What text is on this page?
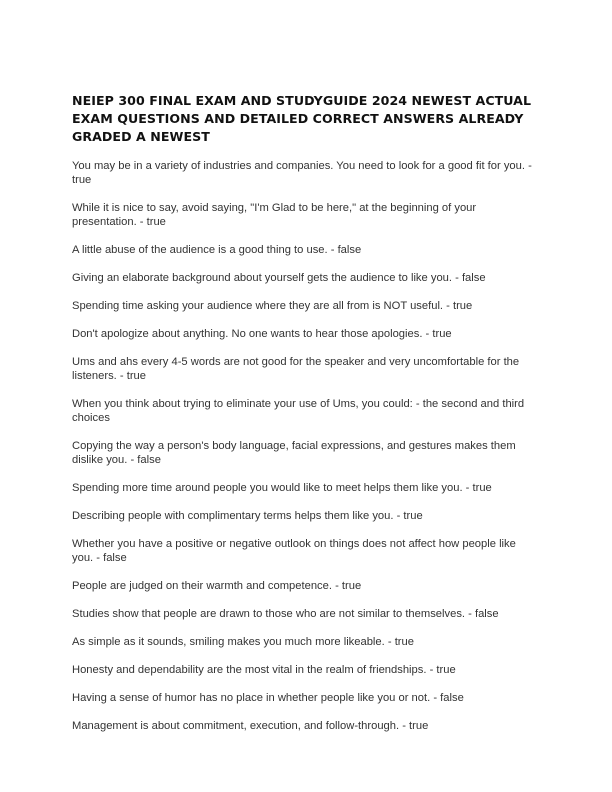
NEIEP 300 FINAL EXAM AND STUDYGUIDE 2024 NEWEST ACTUAL EXAM QUESTIONS AND DETAILED CORRECT ANSWERS ALREADY GRADED A NEWEST
You may be in a variety of industries and companies. You need to look for a good fit for you. - true
While it is nice to say, avoid saying, "I'm Glad to be here," at the beginning of your presentation. - true
A little abuse of the audience is a good thing to use. - false
Giving an elaborate background about yourself gets the audience to like you. - false
Spending time asking your audience where they are all from is NOT useful. - true
Don't apologize about anything. No one wants to hear those apologies. - true
Ums and ahs every 4-5 words are not good for the speaker and very uncomfortable for the listeners. - true
When you think about trying to eliminate your use of Ums, you could: - the second and third choices
Copying the way a person's body language, facial expressions, and gestures makes them dislike you. - false
Spending more time around people you would like to meet helps them like you. - true
Describing people with complimentary terms helps them like you. - true
Whether you have a positive or negative outlook on things does not affect how people like you. - false
People are judged on their warmth and competence. - true
Studies show that people are drawn to those who are not similar to themselves. - false
As simple as it sounds, smiling makes you much more likeable. - true
Honesty and dependability are the most vital in the realm of friendships. - true
Having a sense of humor has no place in whether people like you or not. - false
Management is about commitment, execution, and follow-through. - true
